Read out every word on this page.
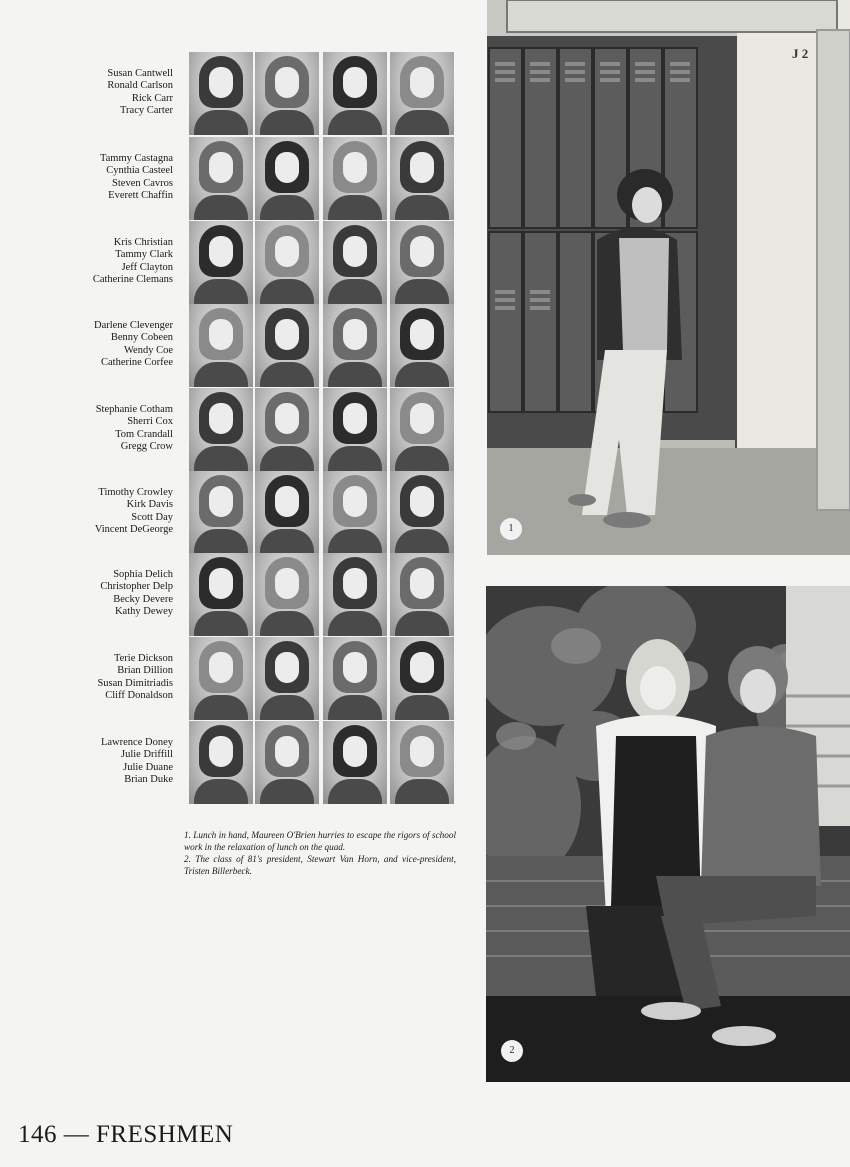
Susan Cantwell
Ronald Carlson
Rick Carr
Tracy Carter
Tammy Castagna
Cynthia Casteel
Steven Cavros
Everett Chaffin
Kris Christian
Tammy Clark
Jeff Clayton
Catherine Clemans
Darlene Clevenger
Benny Cobeen
Wendy Coe
Catherine Corfee
Stephanie Cotham
Sherri Cox
Tom Crandall
Gregg Crow
Timothy Crowley
Kirk Davis
Scott Day
Vincent DeGeorge
Sophia Delich
Christopher Delp
Becky Devere
Kathy Dewey
Terie Dickson
Brian Dillion
Susan Dimitriadis
Cliff Donaldson
Lawrence Doney
Julie Driffill
Julie Duane
Brian Duke
1. Lunch in hand, Maureen O'Brien hurries to escape the rigors of school work in the relaxation of lunch on the quad.
2. The class of 81's president, Stewart Van Horn, and vice-president, Tristen Billerbeck.
J 2
1
2
146 — FRESHMEN
